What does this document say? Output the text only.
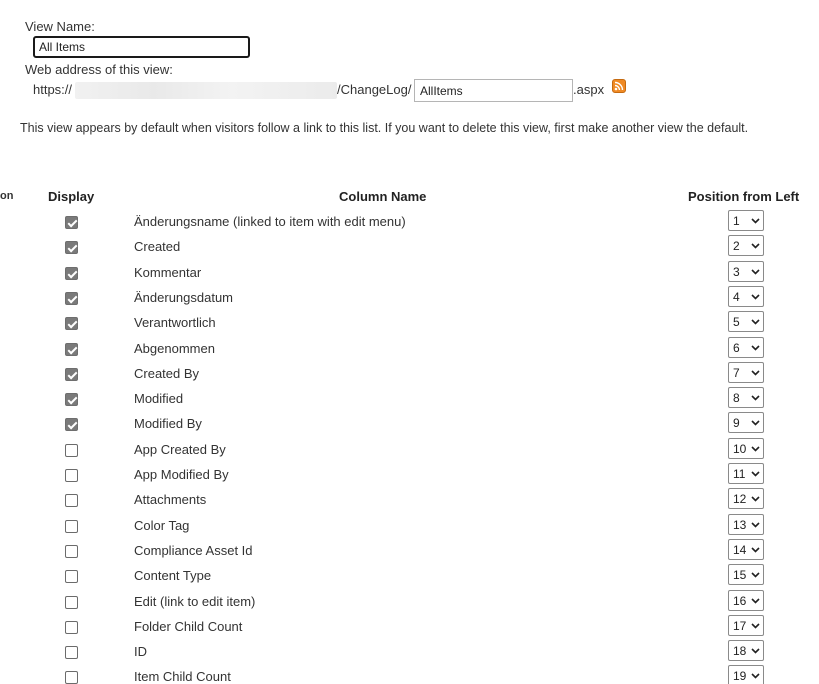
View Name:
All Items
Web address of this view:
https://	/ChangeLog/
AllItems	.aspx
This view appears by default when visitors follow a link to this list. If you want to delete this view, first make another view the default.
on	Display	Column Name	Position from Left
Änderungsname (linked to item with edit menu)	1
Created	2
Kommentar	3
Änderungsdatum	4
Verantwortlich	5
Abgenommen	6
Created By	7
Modified	8
Modified By	9
App Created By	10
App Modified By	11
Attachments	12
Color Tag	13
Compliance Asset Id	14
Content Type	15
Edit (link to edit item)	16
Folder Child Count	17
ID	18
Item Child Count	19
